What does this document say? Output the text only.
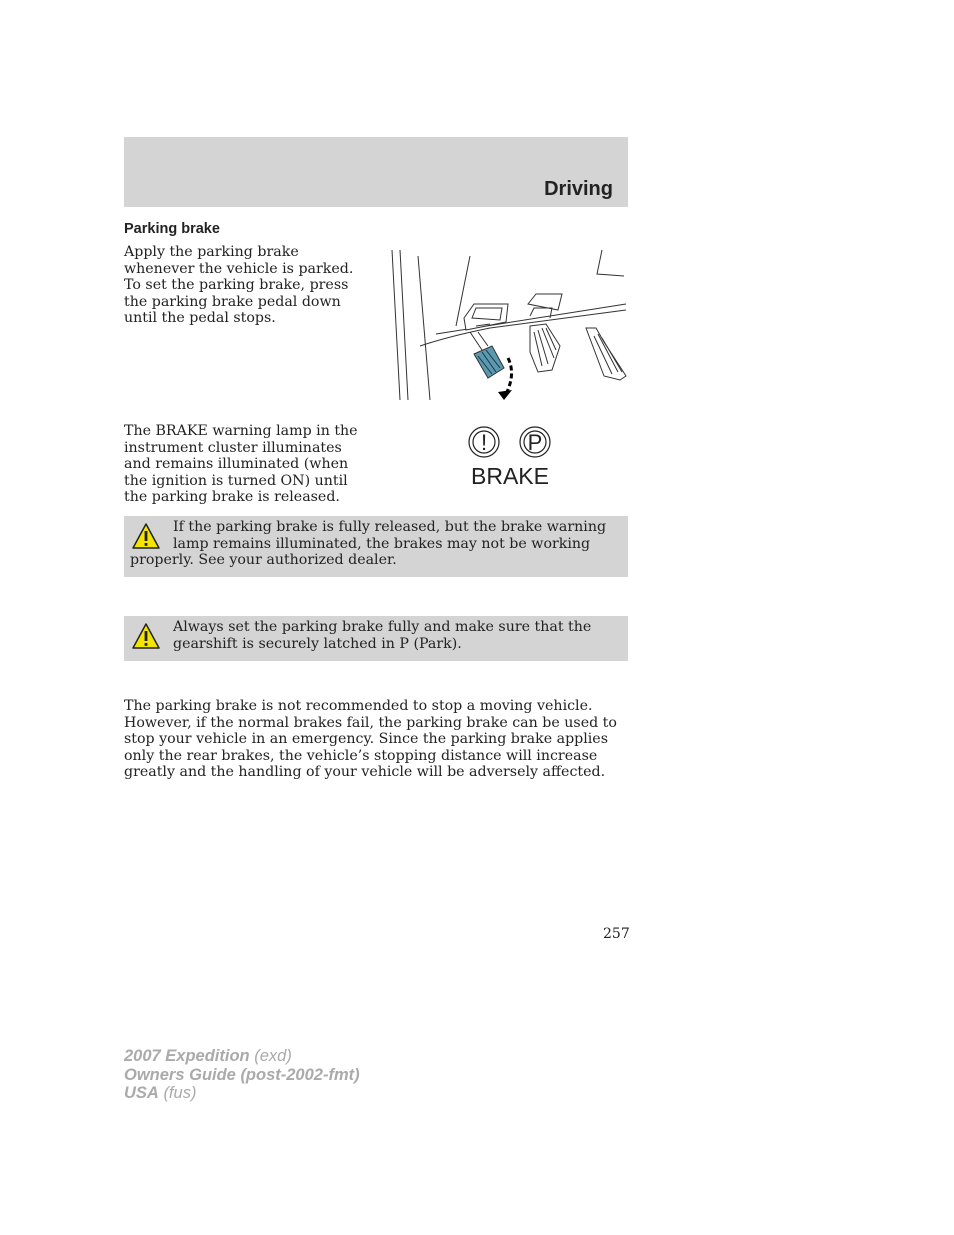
Driving
Parking brake
Apply the parking brake whenever the vehicle is parked. To set the parking brake, press the parking brake pedal down until the pedal stops.
The BRAKE warning lamp in the instrument cluster illuminates and remains illuminated (when the ignition is turned ON) until the parking brake is released.
! P
BRAKE
If the parking brake is fully released, but the brake warning lamp remains illuminated, the brakes may not be working properly. See your authorized dealer.
Always set the parking brake fully and make sure that the gearshift is securely latched in P (Park).
The parking brake is not recommended to stop a moving vehicle. However, if the normal brakes fail, the parking brake can be used to stop your vehicle in an emergency. Since the parking brake applies only the rear brakes, the vehicle’s stopping distance will increase greatly and the handling of your vehicle will be adversely affected.
257
2007 Expedition (exd)
Owners Guide (post-2002-fmt)
USA (fus)
